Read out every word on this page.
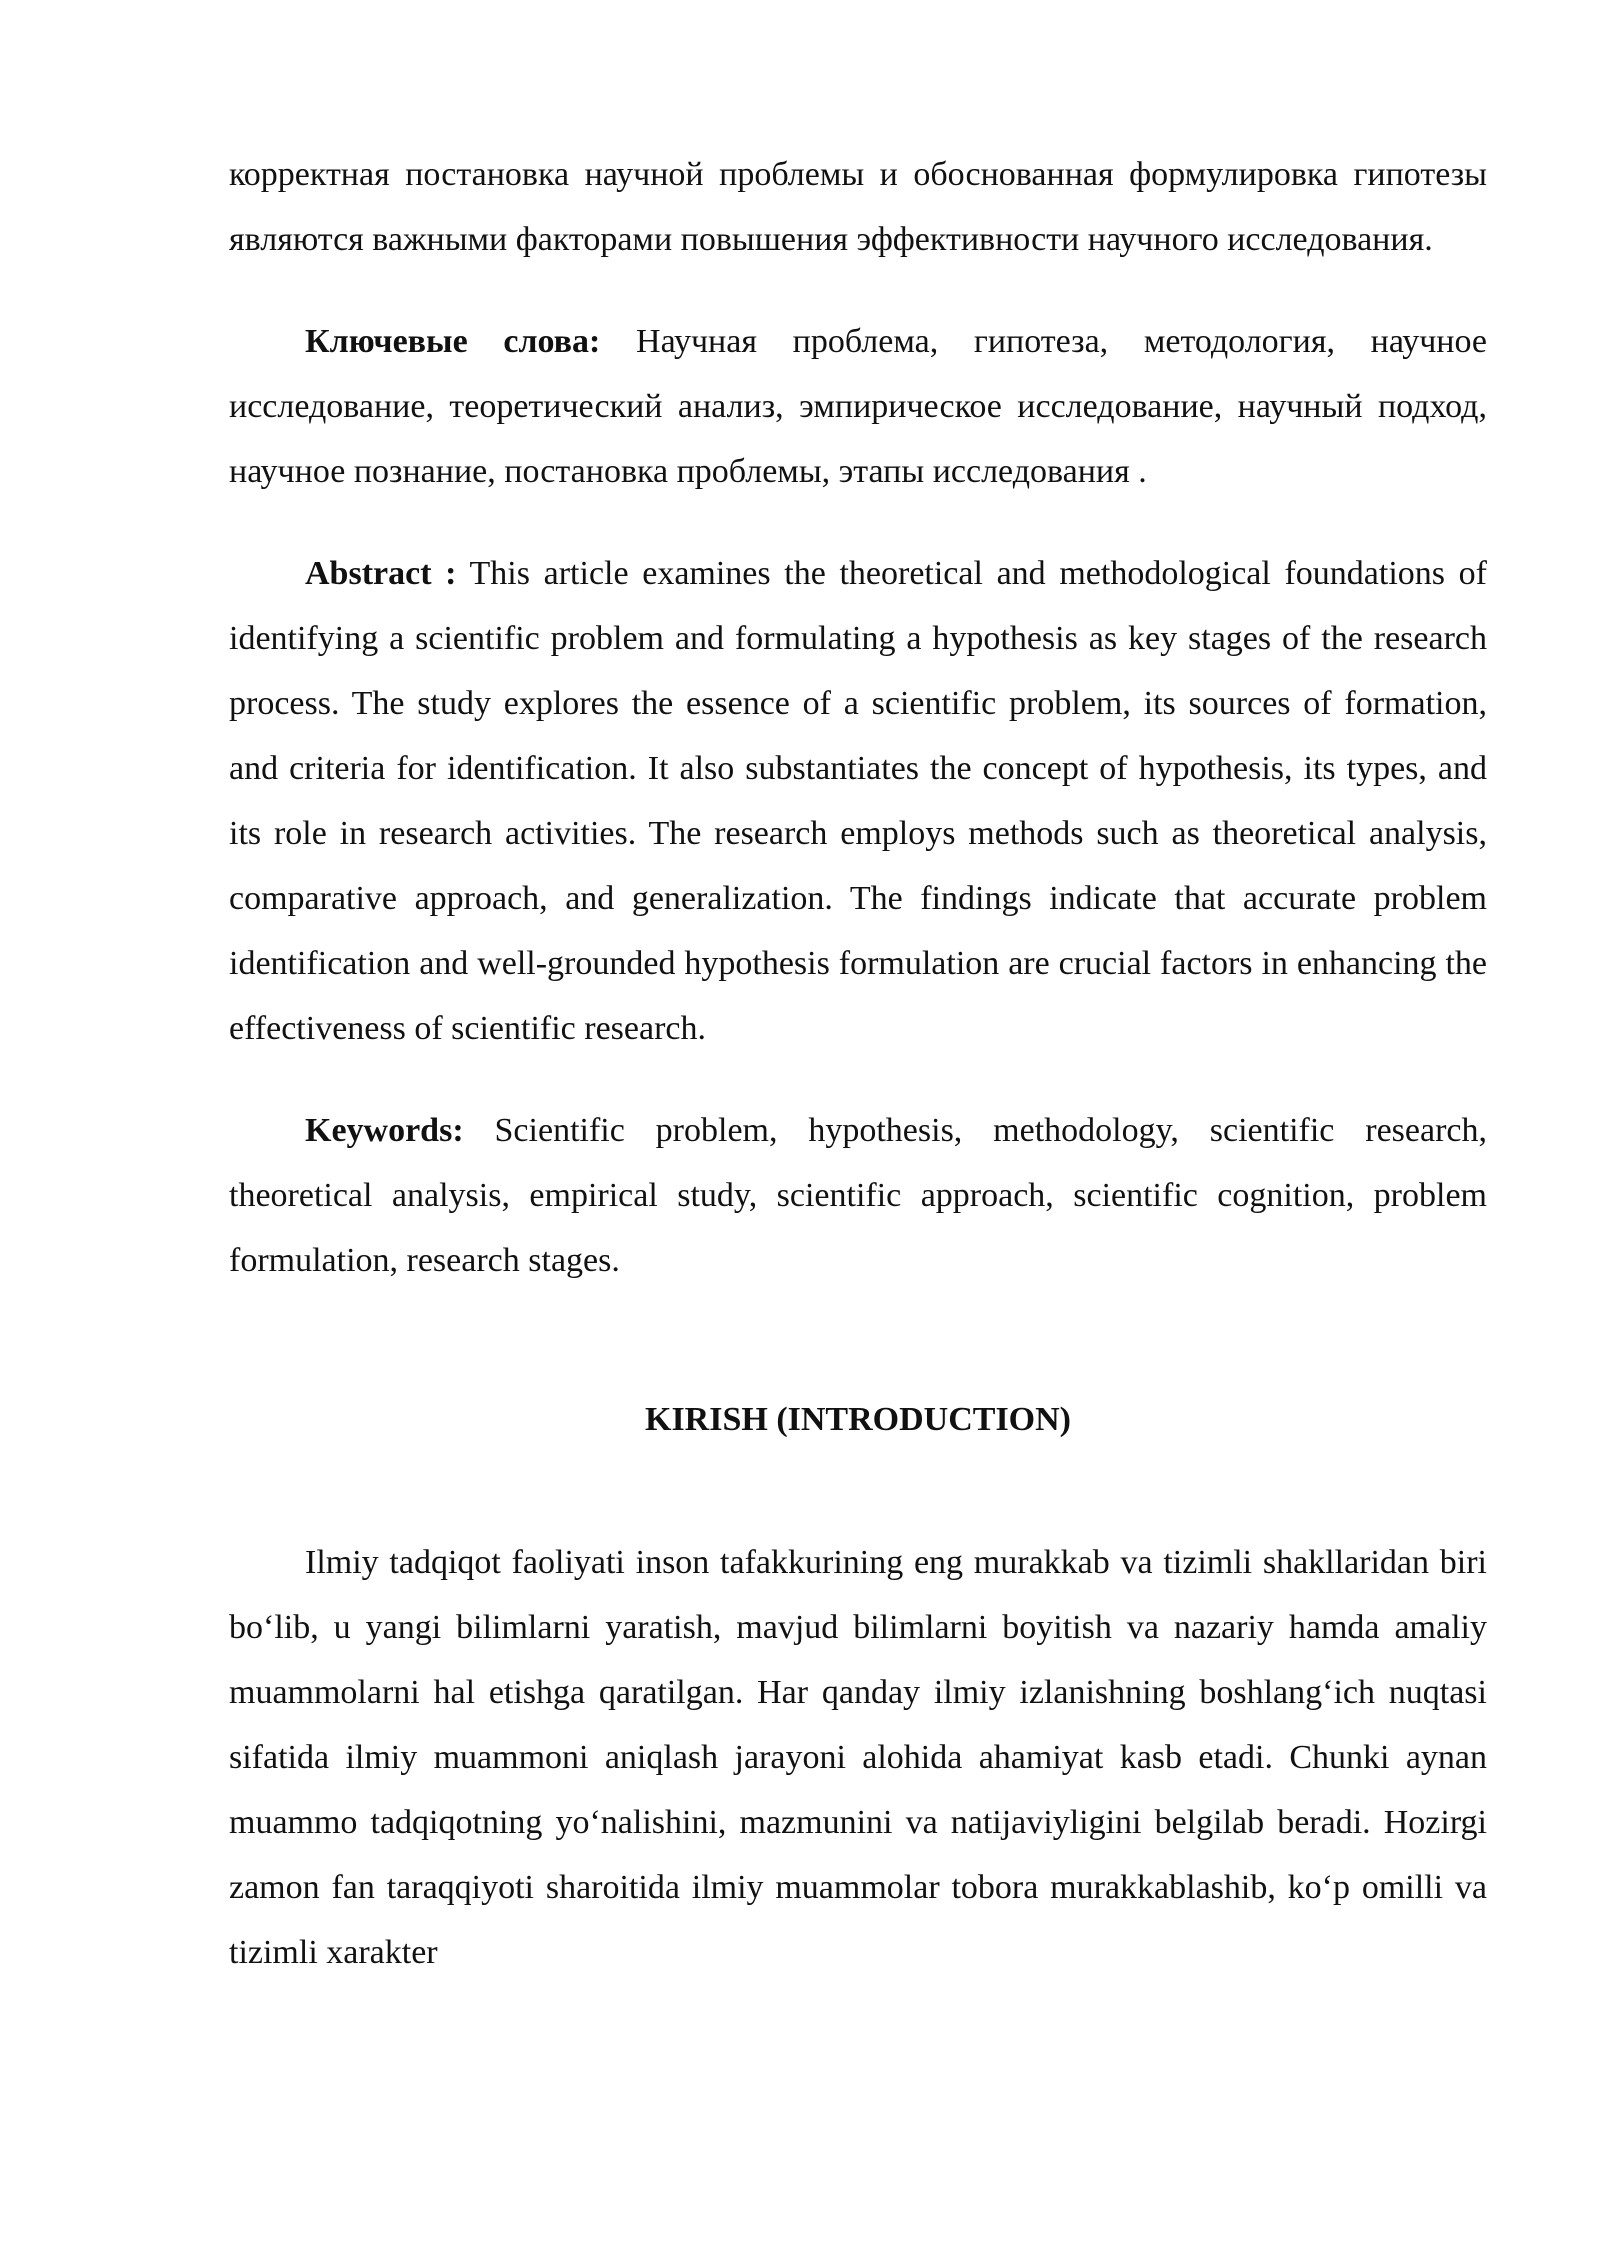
корректная постановка научной проблемы и обоснованная формулировка гипотезы являются важными факторами повышения эффективности научного исследования.

Ключевые слова: Научная проблема, гипотеза, методология, научное исследование, теоретический анализ, эмпирическое исследование, научный подход, научное познание, постановка проблемы, этапы исследования .

Abstract : This article examines the theoretical and methodological foundations of identifying a scientific problem and formulating a hypothesis as key stages of the research process. The study explores the essence of a scientific problem, its sources of formation, and criteria for identification. It also substantiates the concept of hypothesis, its types, and its role in research activities. The research employs methods such as theoretical analysis, comparative approach, and generalization. The findings indicate that accurate problem identification and well-grounded hypothesis formulation are crucial factors in enhancing the effectiveness of scientific research.

Keywords: Scientific problem, hypothesis, methodology, scientific research, theoretical analysis, empirical study, scientific approach, scientific cognition, problem formulation, research stages.

KIRISH (INTRODUCTION)

Ilmiy tadqiqot faoliyati inson tafakkurining eng murakkab va tizimli shakllaridan biri bo‘lib, u yangi bilimlarni yaratish, mavjud bilimlarni boyitish va nazariy hamda amaliy muammolarni hal etishga qaratilgan. Har qanday ilmiy izlanishning boshlang‘ich nuqtasi sifatida ilmiy muammoni aniqlash jarayoni alohida ahamiyat kasb etadi. Chunki aynan muammo tadqiqotning yo‘nalishini, mazmunini va natijaviyligini belgilab beradi. Hozirgi zamon fan taraqqiyoti sharoitida ilmiy muammolar tobora murakkablashib, ko‘p omilli va tizimli xarakter
